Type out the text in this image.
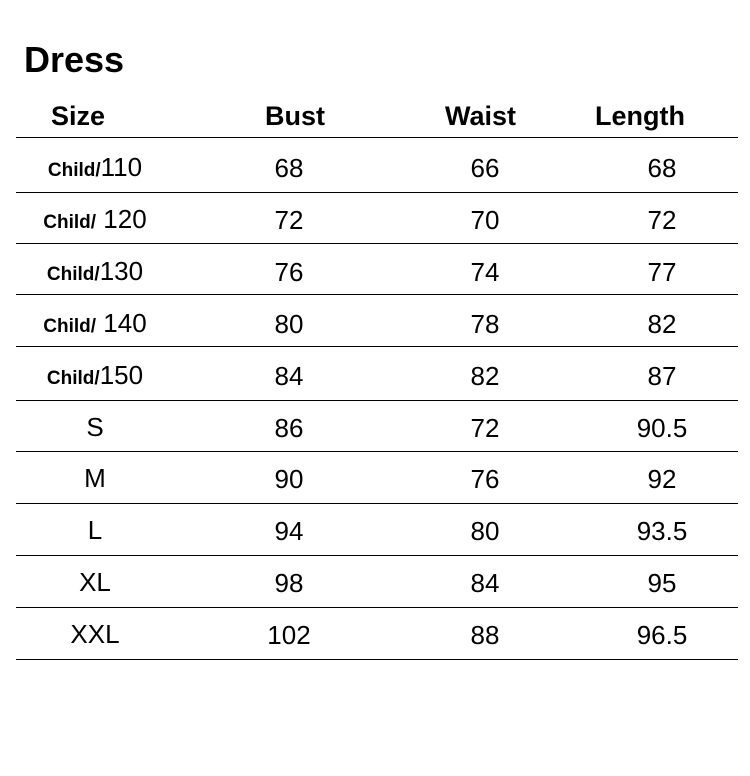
Dress
Size	Bust	Waist	Length
Child/110	68	66	68
Child/ 120	72	70	72
Child/130	76	74	77
Child/ 140	80	78	82
Child/150	84	82	87
S	86	72	90.5
M	90	76	92
L	94	80	93.5
XL	98	84	95
XXL	102	88	96.5
